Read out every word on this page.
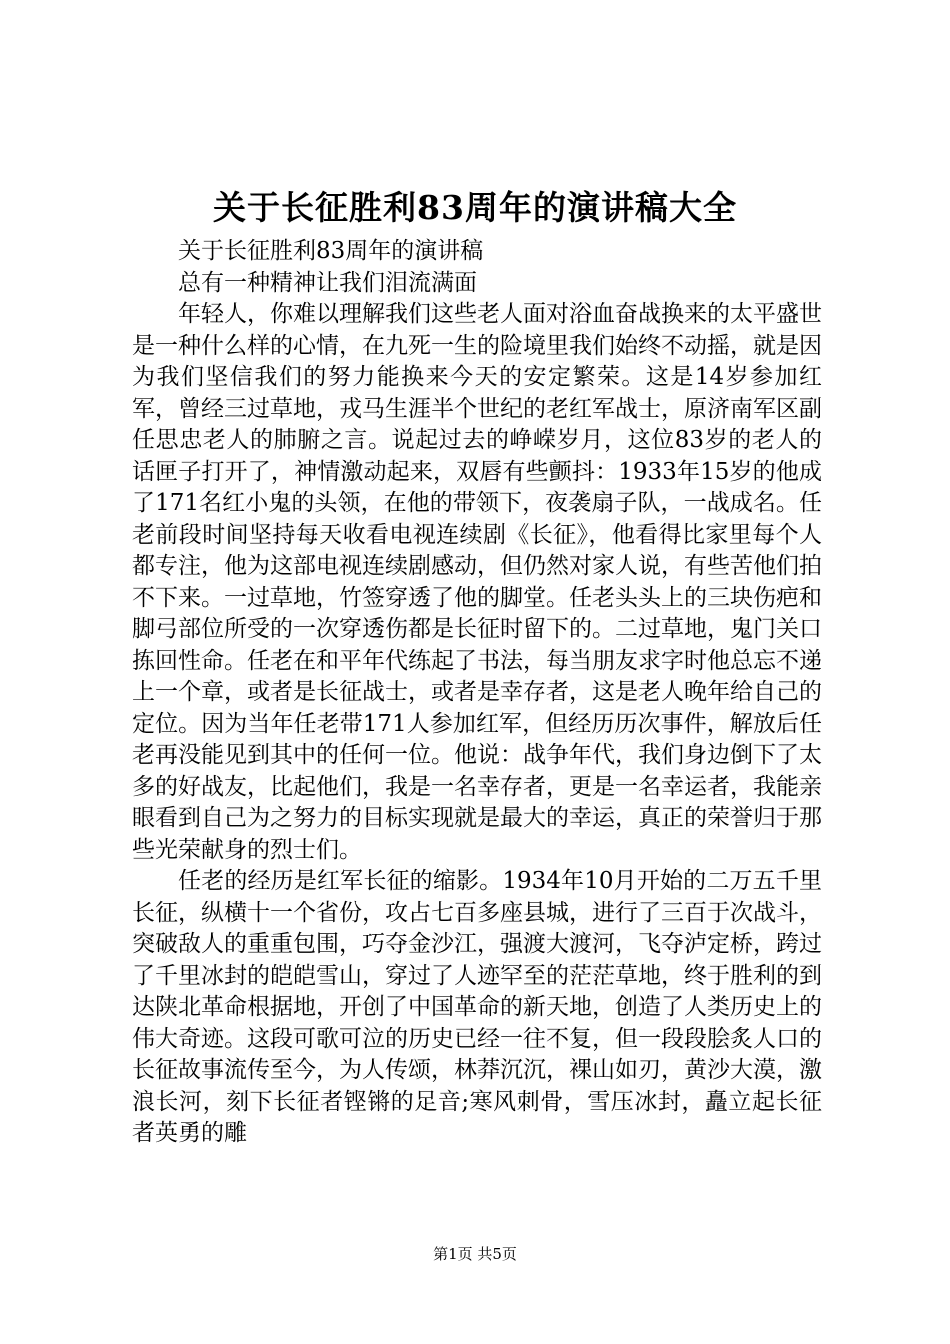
关于长征胜利83周年的演讲稿大全

关于长征胜利83周年的演讲稿

总有一种精神让我们泪流满面

年轻人，你难以理解我们这些老人面对浴血奋战换来的太平盛世是一种什么样的心情，在九死一生的险境里我们始终不动摇，就是因为我们坚信我们的努力能换来今天的安定繁荣。这是14岁参加红军，曾经三过草地，戎马生涯半个世纪的老红军战士，原济南军区副任思忠老人的肺腑之言。说起过去的峥嵘岁月，这位83岁的老人的话匣子打开了，神情激动起来，双唇有些颤抖：1933年15岁的他成了171名红小鬼的头领，在他的带领下，夜袭扇子队，一战成名。任老前段时间坚持每天收看电视连续剧《长征》，他看得比家里每个人都专注，他为这部电视连续剧感动，但仍然对家人说，有些苦他们拍不下来。一过草地，竹签穿透了他的脚堂。任老头头上的三块伤疤和脚弓部位所受的一次穿透伤都是长征时留下的。二过草地，鬼门关口拣回性命。任老在和平年代练起了书法，每当朋友求字时他总忘不递上一个章，或者是长征战士，或者是幸存者，这是老人晚年给自己的定位。因为当年任老带171人参加红军，但经历历次事件，解放后任老再没能见到其中的任何一位。他说：战争年代，我们身边倒下了太多的好战友，比起他们，我是一名幸存者，更是一名幸运者，我能亲眼看到自己为之努力的目标实现就是最大的幸运，真正的荣誉归于那些光荣献身的烈士们。

任老的经历是红军长征的缩影。1934年10月开始的二万五千里长征，纵横十一个省份，攻占七百多座县城，进行了三百于次战斗，突破敌人的重重包围，巧夺金沙江，强渡大渡河，飞夺泸定桥，跨过了千里冰封的皑皑雪山，穿过了人迹罕至的茫茫草地，终于胜利的到达陕北革命根据地，开创了中国革命的新天地，创造了人类历史上的伟大奇迹。这段可歌可泣的历史已经一往不复，但一段段脍炙人口的长征故事流传至今，为人传颂，林莽沉沉，裸山如刃，黄沙大漠，激浪长河，刻下长征者铿锵的足音;寒风刺骨，雪压冰封，矗立起长征者英勇的雕

第1页 共5页
